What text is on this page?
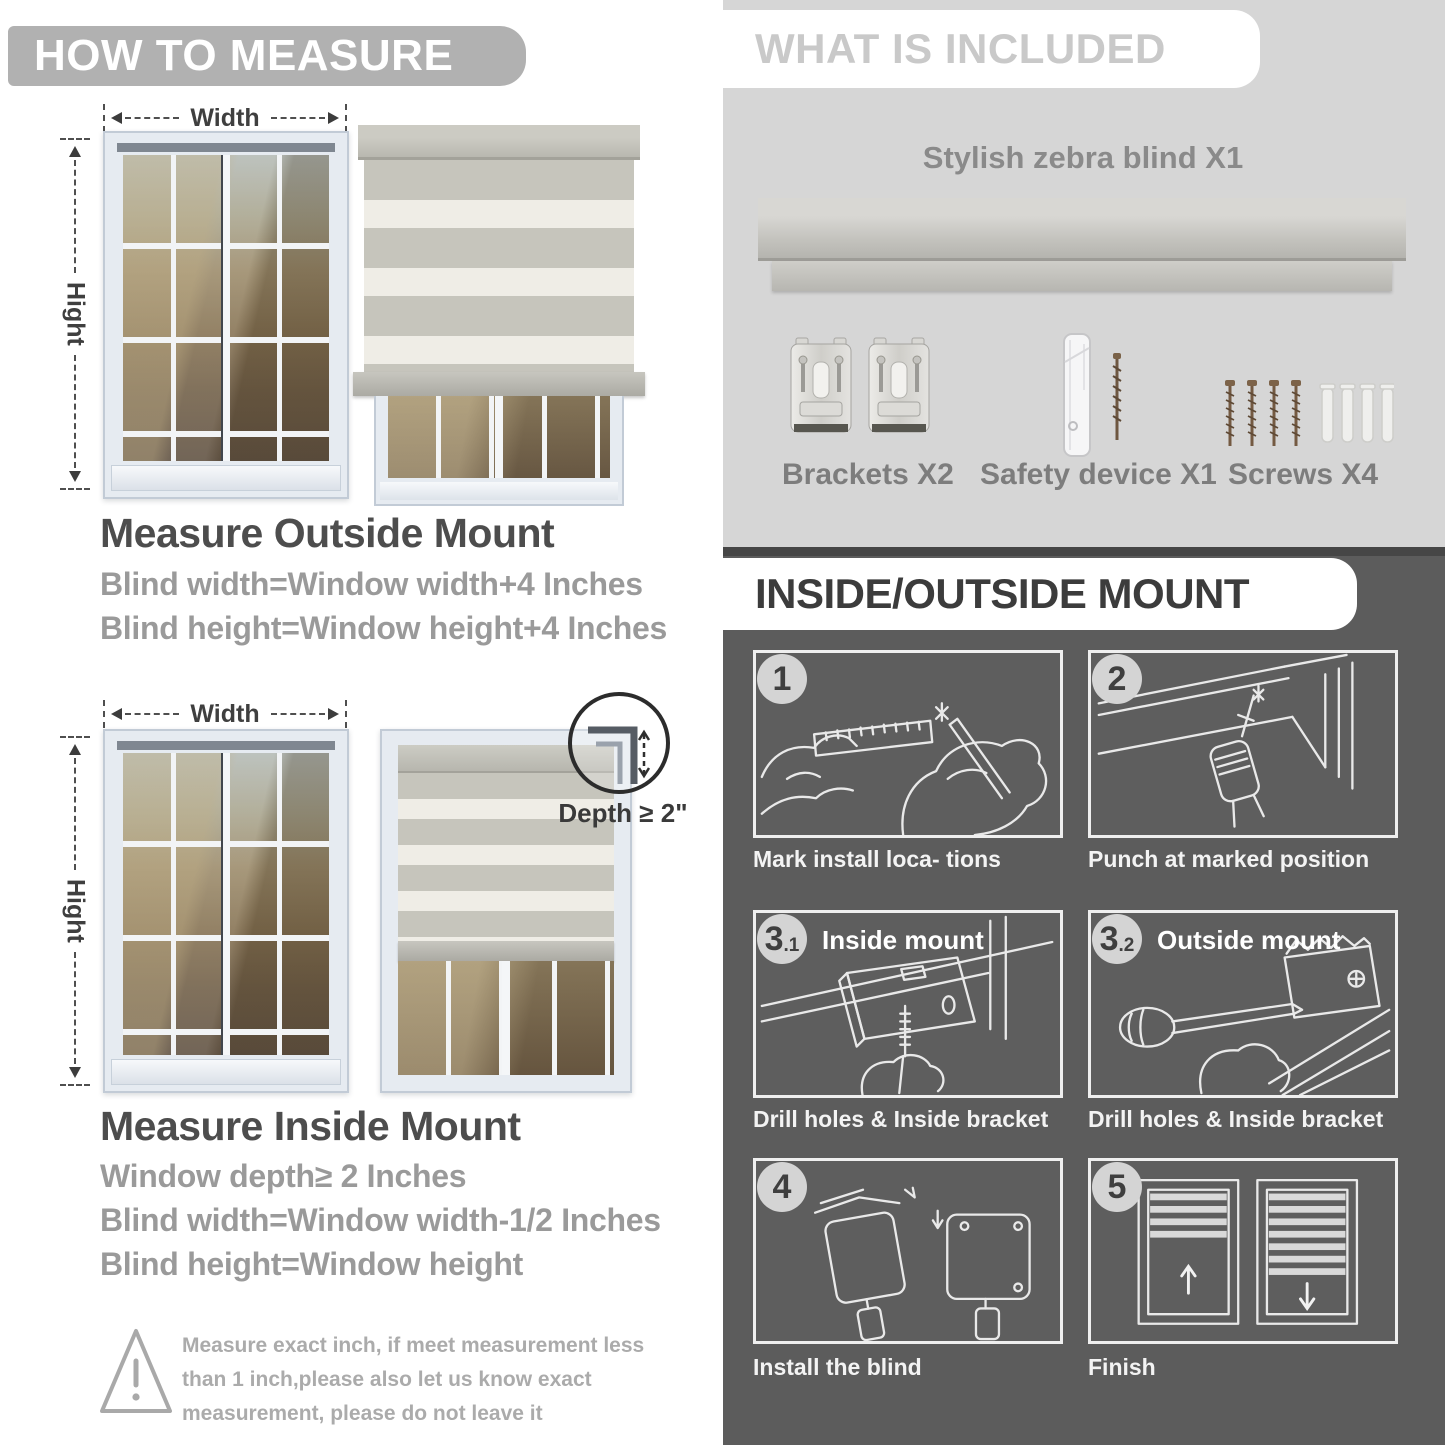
HOW TO MEASURE
Width
Hight
Measure Outside Mount
Blind width=Window width+4 Inches
Blind height=Window height+4 Inches
Width
Hight
Depth ≥ 2"
Measure Inside Mount
Window depth≥ 2 Inches
Blind width=Window width-1/2 Inches
Blind height=Window height
Measure exact inch, if meet measurement less
than 1 inch,please also let us know exact
measurement, please do not leave it
WHAT IS INCLUDED
Stylish zebra blind X1
Brackets X2 Safety device X1 Screws X4
INSIDE/OUTSIDE MOUNT
1
Mark install loca- tions
2
Punch at marked position
3 .1 Inside mount
Drill holes & Inside bracket
3 .2 Outside mount
Drill holes & Inside bracket
4
Install the blind
5
Finish
